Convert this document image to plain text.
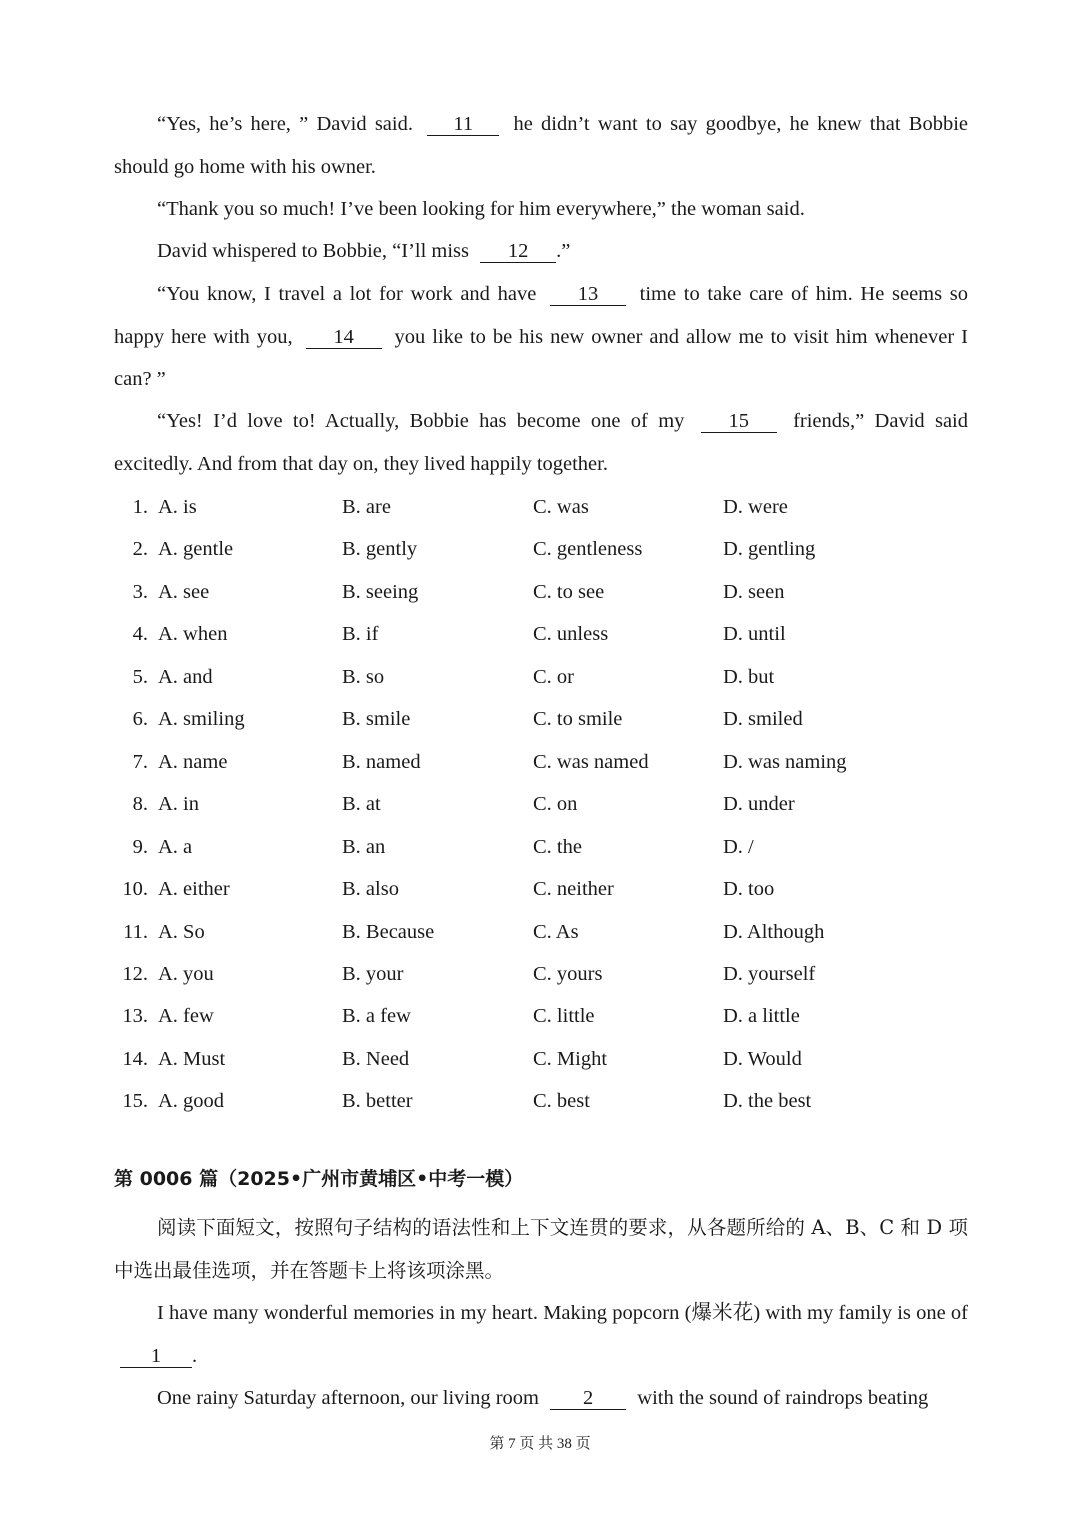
“Yes, he’s here, ” David said. 11 he didn’t want to say goodbye, he knew that Bobbie should go home with his owner.

“Thank you so much! I’ve been looking for him everywhere,” the woman said.

David whispered to Bobbie, “I’ll miss 12 .”

“You know, I travel a lot for work and have 13 time to take care of him. He seems so happy here with you, 14 you like to be his new owner and allow me to visit him whenever I can? ”

“Yes! I’d love to! Actually, Bobbie has become one of my 15 friends,” David said excitedly. And from that day on, they lived happily together.

1. A. is	B. are	C. was	D. were
2. A. gentle	B. gently	C. gentleness	D. gentling
3. A. see	B. seeing	C. to see	D. seen
4. A. when	B. if	C. unless	D. until
5. A. and	B. so	C. or	D. but
6. A. smiling	B. smile	C. to smile	D. smiled
7. A. name	B. named	C. was named	D. was naming
8. A. in	B. at	C. on	D. under
9. A. a	B. an	C. the	D. /
10. A. either	B. also	C. neither	D. too
11. A. So	B. Because	C. As	D. Although
12. A. you	B. your	C. yours	D. yourself
13. A. few	B. a few	C. little	D. a little
14. A. Must	B. Need	C. Might	D. Would
15. A. good	B. better	C. best	D. the best

第 0006 篇（2025•广州市黄埔区•中考一模）

阅读下面短文，按照句子结构的语法性和上下文连贯的要求，从各题所给的 A、B、C 和 D 项中选出最佳选项，并在答题卡上将该项涂黑。

I have many wonderful memories in my heart. Making popcorn (爆米花) with my family is one of 1 .

One rainy Saturday afternoon, our living room 2 with the sound of raindrops beating

第 7 页 共 38 页
